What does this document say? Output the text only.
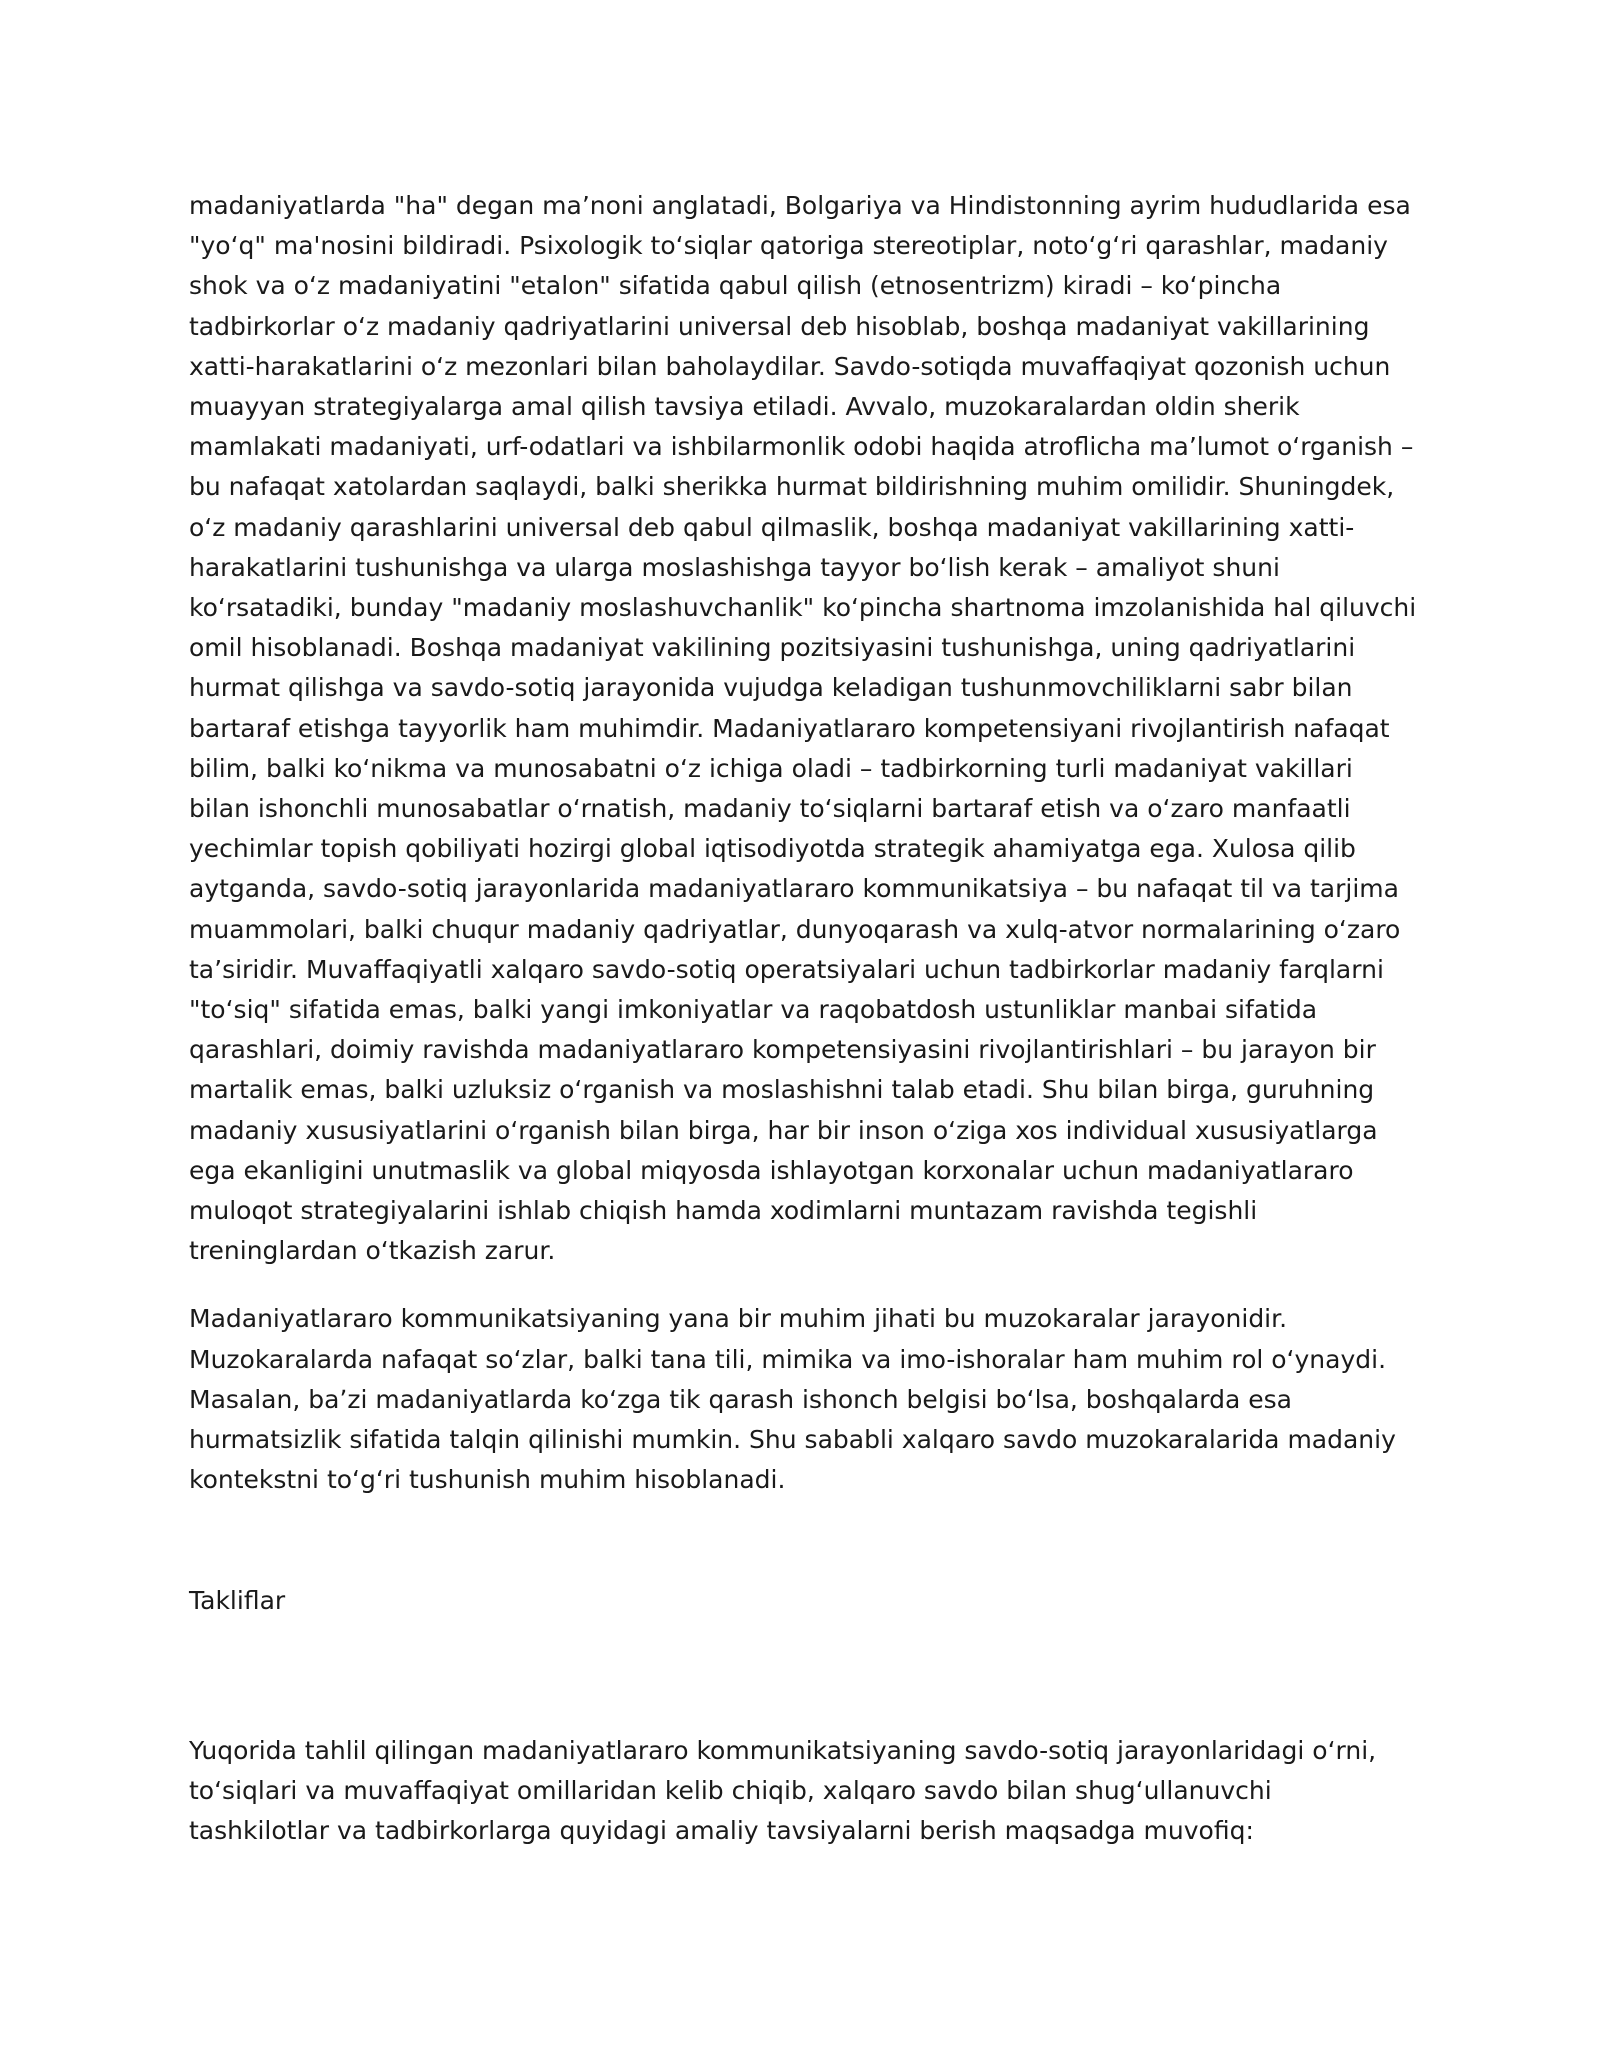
madaniyatlarda "ha" degan ma’noni anglatadi, Bolgariya va Hindistonning ayrim hududlarida esa "yoʻq" ma'nosini bildiradi. Psixologik toʻsiqlar qatoriga stereotiplar, notoʻgʻri qarashlar, madaniy shok va oʻz madaniyatini "etalon" sifatida qabul qilish (etnosentrizm) kiradi – koʻpincha tadbirkorlar oʻz madaniy qadriyatlarini universal deb hisoblab, boshqa madaniyat vakillarining xatti-harakatlarini oʻz mezonlari bilan baholaydilar. Savdo-sotiqda muvaffaqiyat qozonish uchun muayyan strategiyalarga amal qilish tavsiya etiladi. Avvalo, muzokaralardan oldin sherik mamlakati madaniyati, urf-odatlari va ishbilarmonlik odobi haqida atroflicha ma’lumot oʻrganish – bu nafaqat xatolardan saqlaydi, balki sherikka hurmat bildirishning muhim omilidir. Shuningdek, oʻz madaniy qarashlarini universal deb qabul qilmaslik, boshqa madaniyat vakillarining xatti-harakatlarini tushunishga va ularga moslashishga tayyor boʻlish kerak – amaliyot shuni koʻrsatadiki, bunday "madaniy moslashuvchanlik" koʻpincha shartnoma imzolanishida hal qiluvchi omil hisoblanadi. Boshqa madaniyat vakilining pozitsiyasini tushunishga, uning qadriyatlarini hurmat qilishga va savdo-sotiq jarayonida vujudga keladigan tushunmovchiliklarni sabr bilan bartaraf etishga tayyorlik ham muhimdir. Madaniyatlararo kompetensiyani rivojlantirish nafaqat bilim, balki koʻnikma va munosabatni oʻz ichiga oladi – tadbirkorning turli madaniyat vakillari bilan ishonchli munosabatlar oʻrnatish, madaniy toʻsiqlarni bartaraf etish va oʻzaro manfaatli yechimlar topish qobiliyati hozirgi global iqtisodiyotda strategik ahamiyatga ega. Xulosa qilib aytganda, savdo-sotiq jarayonlarida madaniyatlararo kommunikatsiya – bu nafaqat til va tarjima muammolari, balki chuqur madaniy qadriyatlar, dunyoqarash va xulq-atvor normalarining oʻzaro ta’siridir. Muvaffaqiyatli xalqaro savdo-sotiq operatsiyalari uchun tadbirkorlar madaniy farqlarni "toʻsiq" sifatida emas, balki yangi imkoniyatlar va raqobatdosh ustunliklar manbai sifatida qarashlari, doimiy ravishda madaniyatlararo kompetensiyasini rivojlantirishlari – bu jarayon bir martalik emas, balki uzluksiz oʻrganish va moslashishni talab etadi. Shu bilan birga, guruhning madaniy xususiyatlarini oʻrganish bilan birga, har bir inson oʻziga xos individual xususiyatlarga ega ekanligini unutmaslik va global miqyosda ishlayotgan korxonalar uchun madaniyatlararo muloqot strategiyalarini ishlab chiqish hamda xodimlarni muntazam ravishda tegishli treninglardan oʻtkazish zarur.

Madaniyatlararo kommunikatsiyaning yana bir muhim jihati bu muzokaralar jarayonidir. Muzokaralarda nafaqat soʻzlar, balki tana tili, mimika va imo-ishoralar ham muhim rol oʻynaydi. Masalan, baʼzi madaniyatlarda koʻzga tik qarash ishonch belgisi boʻlsa, boshqalarda esa hurmatsizlik sifatida talqin qilinishi mumkin. Shu sababli xalqaro savdo muzokaralarida madaniy kontekstni toʻgʻri tushunish muhim hisoblanadi.

Takliflar

Yuqorida tahlil qilingan madaniyatlararo kommunikatsiyaning savdo-sotiq jarayonlaridagi oʻrni, toʻsiqlari va muvaffaqiyat omillaridan kelib chiqib, xalqaro savdo bilan shugʻullanuvchi tashkilotlar va tadbirkorlarga quyidagi amaliy tavsiyalarni berish maqsadga muvofiq:
